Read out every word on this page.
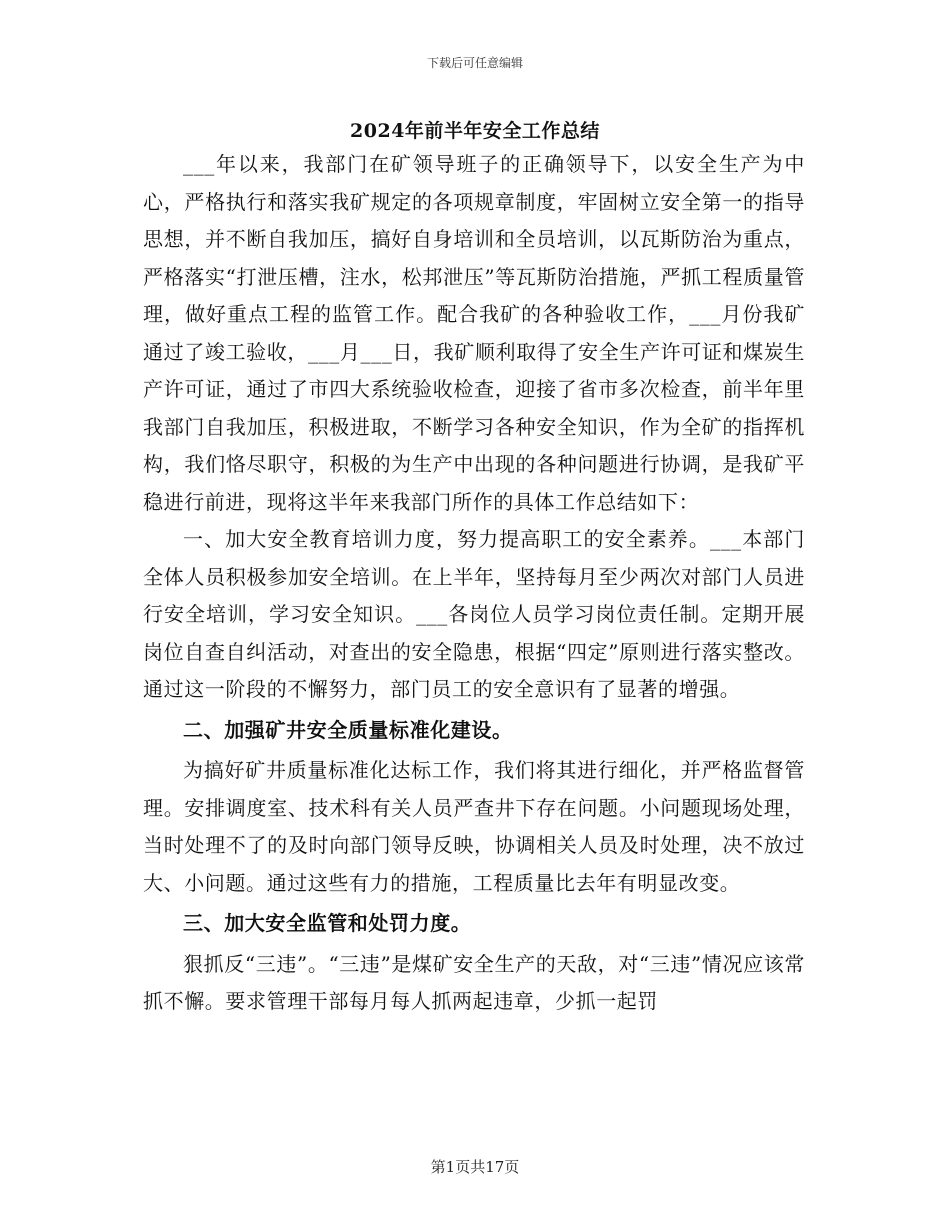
下载后可任意编辑
2024年前半年安全工作总结

___年以来，我部门在矿领导班子的正确领导下，以安全生产为中心，严格执行和落实我矿规定的各项规章制度，牢固树立安全第一的指导思想，并不断自我加压，搞好自身培训和全员培训，以瓦斯防治为重点，严格落实“打泄压槽，注水，松邦泄压”等瓦斯防治措施，严抓工程质量管理，做好重点工程的监管工作。配合我矿的各种验收工作，___月份我矿通过了竣工验收，___月___日，我矿顺利取得了安全生产许可证和煤炭生产许可证，通过了市四大系统验收检查，迎接了省市多次检查，前半年里我部门自我加压，积极进取，不断学习各种安全知识，作为全矿的指挥机构，我们恪尽职守，积极的为生产中出现的各种问题进行协调，是我矿平稳进行前进，现将这半年来我部门所作的具体工作总结如下：

一、加大安全教育培训力度，努力提高职工的安全素养。___本部门全体人员积极参加安全培训。在上半年，坚持每月至少两次对部门人员进行安全培训，学习安全知识。___各岗位人员学习岗位责任制。定期开展岗位自查自纠活动，对查出的安全隐患，根据“四定”原则进行落实整改。通过这一阶段的不懈努力，部门员工的安全意识有了显著的增强。

二、加强矿井安全质量标准化建设。

为搞好矿井质量标准化达标工作，我们将其进行细化，并严格监督管理。安排调度室、技术科有关人员严查井下存在问题。小问题现场处理，当时处理不了的及时向部门领导反映，协调相关人员及时处理，决不放过大、小问题。通过这些有力的措施，工程质量比去年有明显改变。

三、加大安全监管和处罚力度。

狠抓反“三违”。“三违”是煤矿安全生产的天敌，对“三违”情况应该常抓不懈。要求管理干部每月每人抓两起违章，少抓一起罚

第1页共17页
